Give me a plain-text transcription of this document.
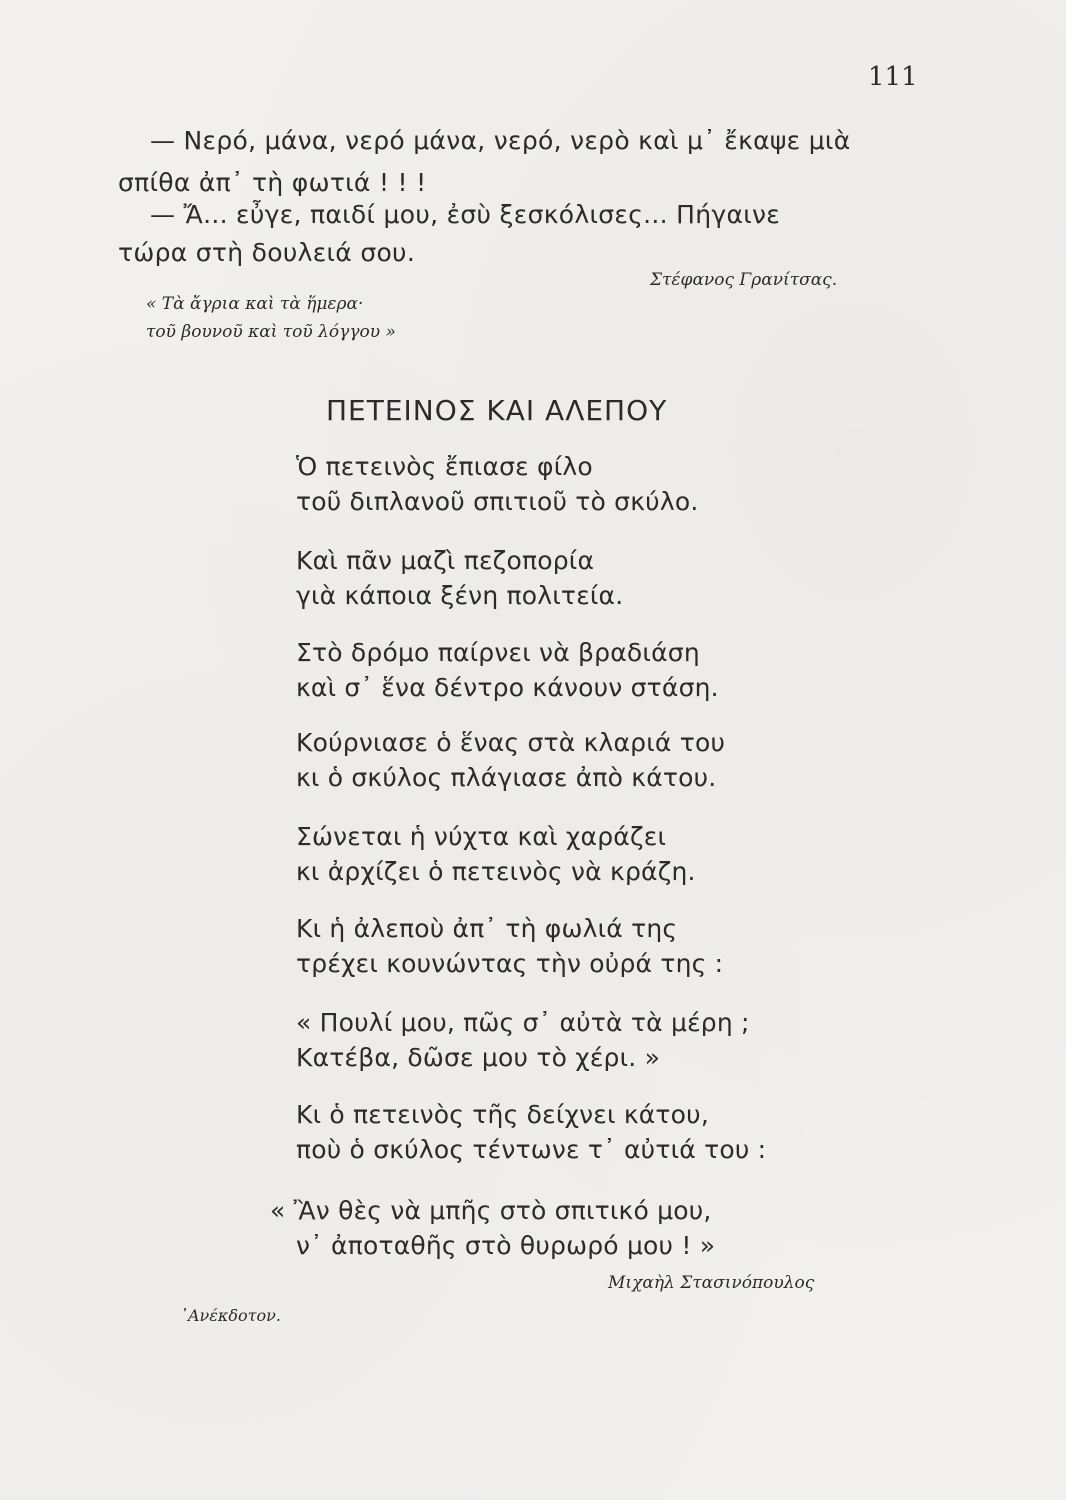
111
— Νερό, μάνα, νερό μάνα, νερό, νερὸ καὶ μ᾽ ἔκαψε μιὰ
σπίθα ἀπ᾽ τὴ φωτιά ! ! !
— Ἄ... εὖγε, παιδί μου, ἐσὺ ξεσκόλισες... Πήγαινε
τώρα στὴ δουλειά σου.
Στέφανος Γρανίτσας.
« Τὰ ἄγρια καὶ τὰ ἥμερα·
τοῦ βουνοῦ καὶ τοῦ λόγγου »
ΠΕΤΕΙΝΟΣ ΚΑΙ ΑΛΕΠΟΥ
Ὁ πετεινὸς ἔπιασε φίλο
τοῦ διπλανοῦ σπιτιοῦ τὸ σκύλο.
Καὶ πᾶν μαζὶ πεζοπορία
γιὰ κάποια ξένη πολιτεία.
Στὸ δρόμο παίρνει νὰ βραδιάση
καὶ σ᾽ ἕνα δέντρο κάνουν στάση.
Κούρνιασε ὁ ἕνας στὰ κλαριά του
κι ὁ σκύλος πλάγιασε ἀπὸ κάτου.
Σώνεται ἡ νύχτα καὶ χαράζει
κι ἀρχίζει ὁ πετεινὸς νὰ κράζη.
Κι ἡ ἀλεποὺ ἀπ᾽ τὴ φωλιά της
τρέχει κουνώντας τὴν οὐρά της :
« Πουλί μου, πῶς σ᾽ αὐτὰ τὰ μέρη ;
Κατέβα, δῶσε μου τὸ χέρι. »
Κι ὁ πετεινὸς τῆς δείχνει κάτου,
ποὺ ὁ σκύλος τέντωνε τ᾽ αὐτιά του :
« Ἂν θὲς νὰ μπῆς στὸ σπιτικό μου,
ν᾽ ἀποταθῆς στὸ θυρωρό μου ! »
Μιχαὴλ Στασινόπουλος
᾽Ανέκδοτον.
